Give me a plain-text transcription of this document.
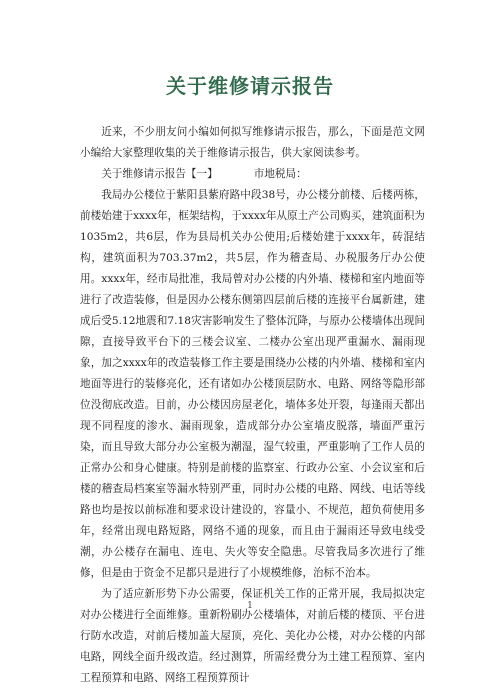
关于维修请示报告

近来，不少朋友问小编如何拟写维修请示报告，那么，下面是范文网小编给大家整理收集的关于维修请示报告，供大家阅读参考。

关于维修请示报告【一】	市地税局：

我局办公楼位于紫阳县紫府路中段38号，办公楼分前楼、后楼两栋，前楼始建于xxxx年，框架结构，于xxxx年从原土产公司购买，建筑面积为1035m2，共6层，作为县局机关办公使用;后楼始建于xxxx年，砖混结构，建筑面积为703.37m2，共5层，作为稽查局、办税服务厅办公使用。xxxx年，经市局批准，我局曾对办公楼的内外墙、楼梯和室内地面等进行了改造装修，但是因办公楼东侧第四层前后楼的连接平台属新建，建成后受5.12地震和7.18灾害影响发生了整体沉降，与原办公楼墙体出现间隙，直接导致平台下的三楼会议室、二楼办公室出现严重漏水、漏雨现象，加之xxxx年的改造装修工作主要是围绕办公楼的内外墙、楼梯和室内地面等进行的装修亮化，还有诸如办公楼顶层防水、电路、网络等隐形部位没彻底改造。目前，办公楼因房屋老化，墙体多处开裂，每逢雨天都出现不同程度的渗水、漏雨现象，造成部分办公室墙皮脱落，墙面严重污染，而且导致大部分办公室极为潮湿，湿气较重，严重影响了工作人员的正常办公和身心健康。特别是前楼的监察室、行政办公室、小会议室和后楼的稽查局档案室等漏水特别严重，同时办公楼的电路、网线、电话等线路也均是按以前标准和要求设计建设的，容量小、不规范，超负荷使用多年，经常出现电路短路，网络不通的现象，而且由于漏雨还导致电线受潮，办公楼存在漏电、连电、失火等安全隐患。尽管我局多次进行了维修，但是由于资金不足都只是进行了小规模维修，治标不治本。

为了适应新形势下办公需要，保证机关工作的正常开展，我局拟决定对办公楼进行全面维修。重新粉刷办公楼墙体，对前后楼的楼顶、平台进行防水改造，对前后楼加盖大屋顶，亮化、美化办公楼，对办公楼的内部电路，网线全面升级改造。经过测算，所需经费分为土建工程预算、室内工程预算和电路、网络工程预算预计

1
